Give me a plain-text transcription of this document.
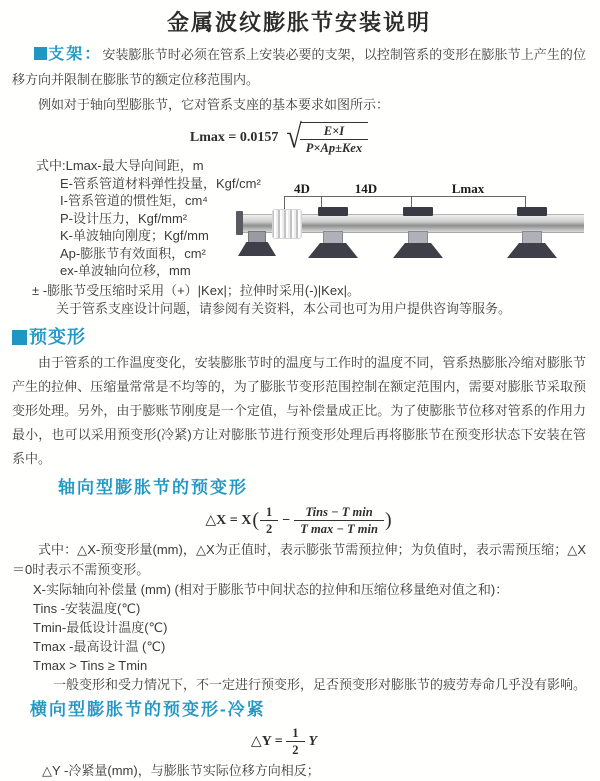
金属波纹膨胀节安装说明

支架：安装膨胀节时必须在管系上安装必要的支架，以控制管系的变形在膨胀节上产生的位移方向并限制在膨胀节的额定位移范围内。

例如对于轴向型膨胀节，它对管系支座的基本要求如图所示：

Lmax = 0.0157 √
$\frac{E\times I}{\text{P×Ap±Kex}}$
式中:Lmax-最大导向间距，m
E-管系管道材料弹性投量，Kgf/cm²
I-管系管道的惯性矩，cm⁴
P-设计压力，Kgf/mm²
K-单波轴向刚度；Kgf/mm
Ap-膨胀节有效面积，cm²
ex-单波轴向位移，mm
4D	14D	Lmax
± -膨胀节受压缩时采用（+）|Kex|；拉伸时采用(-)|Kex|。
关于管系支座设计问题，请参阅有关资料，本公司也可为用户提供咨询等服务。
预变形

由于管系的工作温度变化，安装膨胀节时的温度与工作时的温度不同，管系热膨胀冷缩对膨胀节产生的拉伸、压缩量常常是不均等的，为了膨胀节变形范围控制在额定范围内，需要对膨胀节采取预变形处理。另外，由于膨账节刚度是一个定值，与补偿量成正比。为了使膨胀节位移对管系的作用力最小，也可以采用预变形(冷紧)方让对膨胀节进行预变形处理后再将膨胀节在预变形状态下安装在管系中。

轴向型膨胀节的预变形
△X = X ( $\frac{1}{2} - \frac{\text{Tins − T min}}{\text{T max − T min}}$ )

式中：△X-预变形量(mm)，△X为正值时，表示膨张节需预拉伸；为负值时，表示需预压缩；△X＝0时表示不需预变形。

X-实际轴向补偿量 (mm) (相对于膨胀节中间状态的拉伸和压缩位移量绝对值之和)：
Tins -安装温度(℃)
Tmin-最低设计温度(℃)
Tmax -最高设计温 (℃)
Tmax > Tins ≥ Tmin
一般变形和受力情况下，不一定进行预变形，足否预变形对膨胀节的疲劳寿命几乎没有影响。
横向型膨胀节的预变形-冷紧
△Y =
$\frac{1}{2}$ Y

△Y -冷紧量(mm)，与膨胀节实际位移方向相反；
